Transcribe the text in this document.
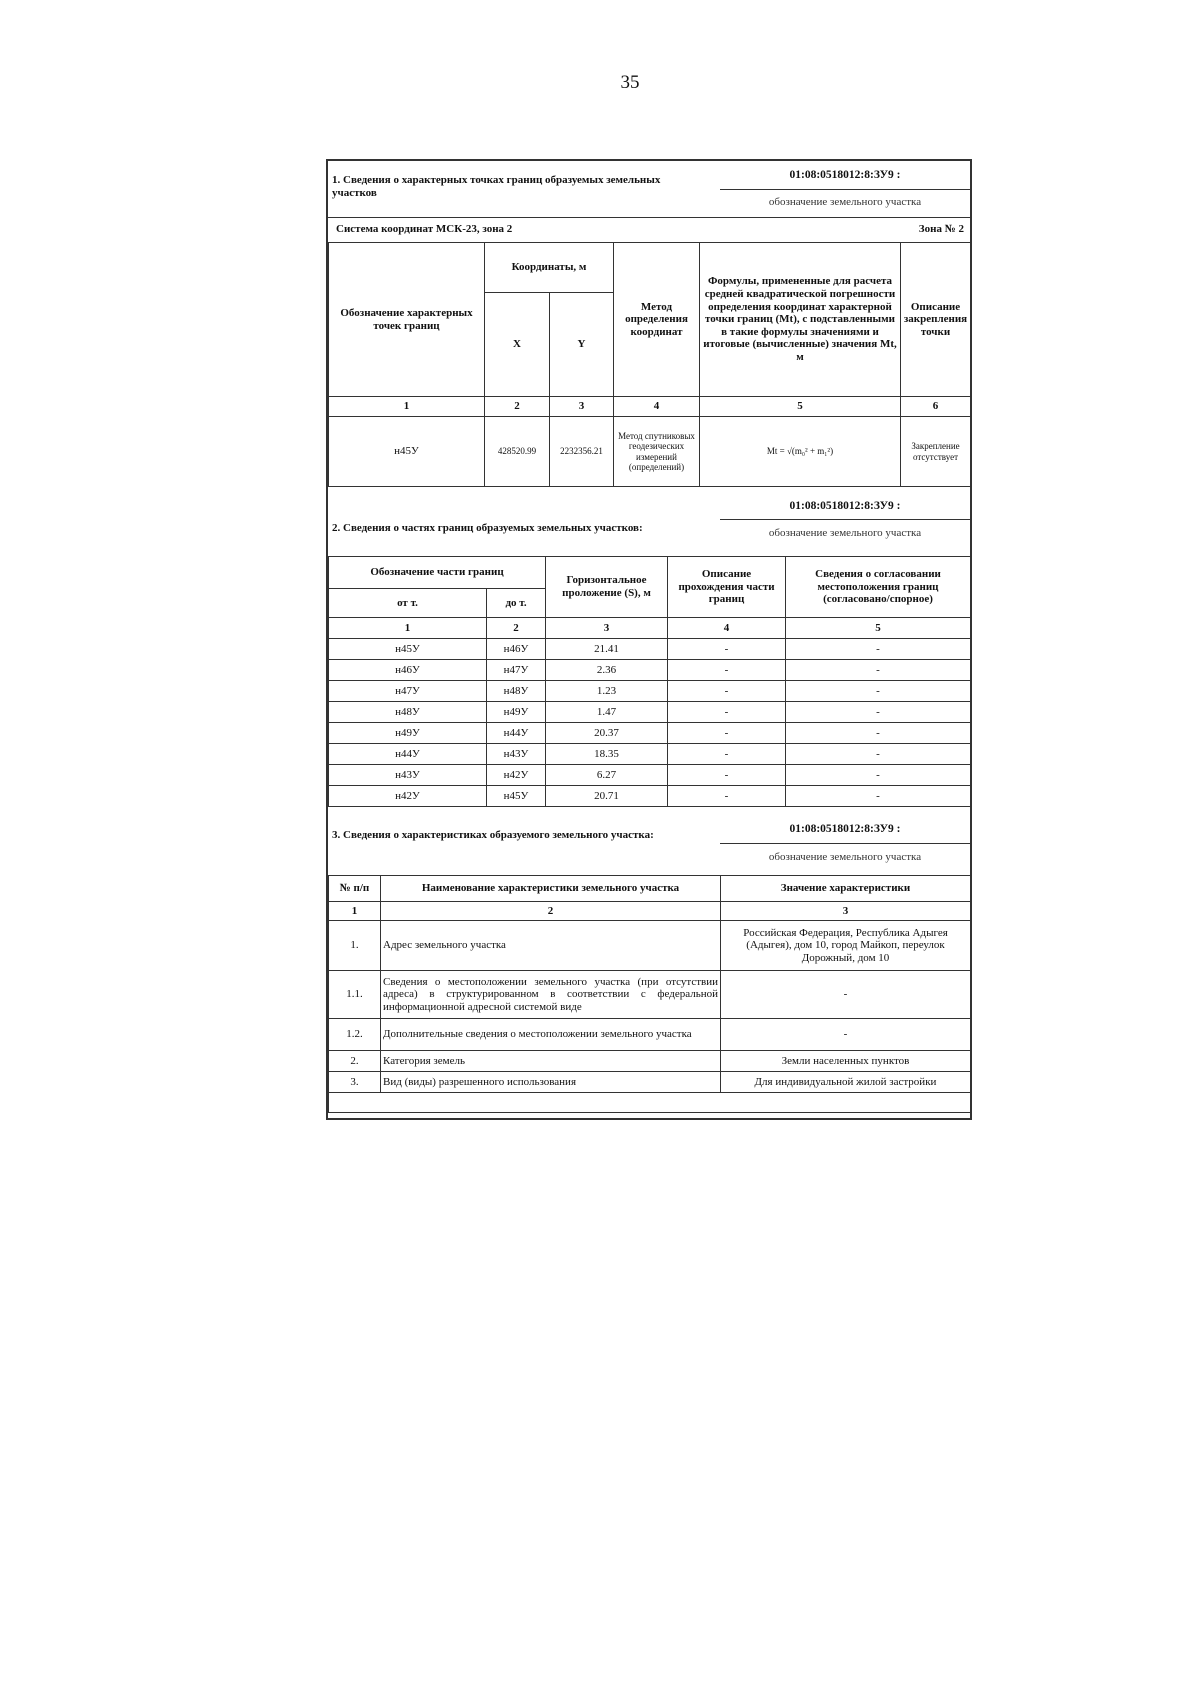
35
1. Сведения о характерных точках границ образуемых земельных участков
01:08:0518012:8:ЗУ9 :
обозначение земельного участка
Система координат МСК-23, зона 2	Зона № 2
Обозначение характерных точек границ	Координаты, м		Метод определения координат	Формулы, примененные для расчета средней квадратической погрешности определения координат характерной точки границ (Mt), с подставленными в такие формулы значениями и итоговые (вычисленные) значения Mt, м	Описание закрепления точки
	X	Y			
1	2	3	4	5	6
н45У	428520.99	2232356.21	Метод спутниковых геодезических измерений (определений)	Mt = √(m₀² + m₁²)	Закрепление отсутствует
2. Сведения о частях границ образуемых земельных участков:
01:08:0518012:8:ЗУ9 :
обозначение земельного участка
Обозначение части границ		Горизонтальное проложение (S), м	Описание прохождения части границ	Сведения о согласовании местоположения границ (согласовано/спорное)
от т.	до т.			
1	2	3	4	5
н45У	н46У	21.41	-	-
н46У	н47У	2.36	-	-
н47У	н48У	1.23	-	-
н48У	н49У	1.47	-	-
н49У	н44У	20.37	-	-
н44У	н43У	18.35	-	-
н43У	н42У	6.27	-	-
н42У	н45У	20.71	-	-
3. Сведения о характеристиках образуемого земельного участка:	01:08:0518012:8:ЗУ9 :
обозначение земельного участка
№ п/п	Наименование характеристики земельного участка	Значение характеристики
1	2	3
1.	Адрес земельного участка	Российская Федерация, Республика Адыгея (Адыгея), дом 10, город Майкоп, переулок Дорожный, дом 10
1.1.	Сведения о местоположении земельного участка (при отсутствии адреса) в структурированном в соответствии с федеральной информационной адресной системой виде	-
1.2.	Дополнительные сведения о местоположении земельного участка	-
2.	Категория земель	Земли населенных пунктов
3.	Вид (виды) разрешенного использования	Для индивидуальной жилой застройки
